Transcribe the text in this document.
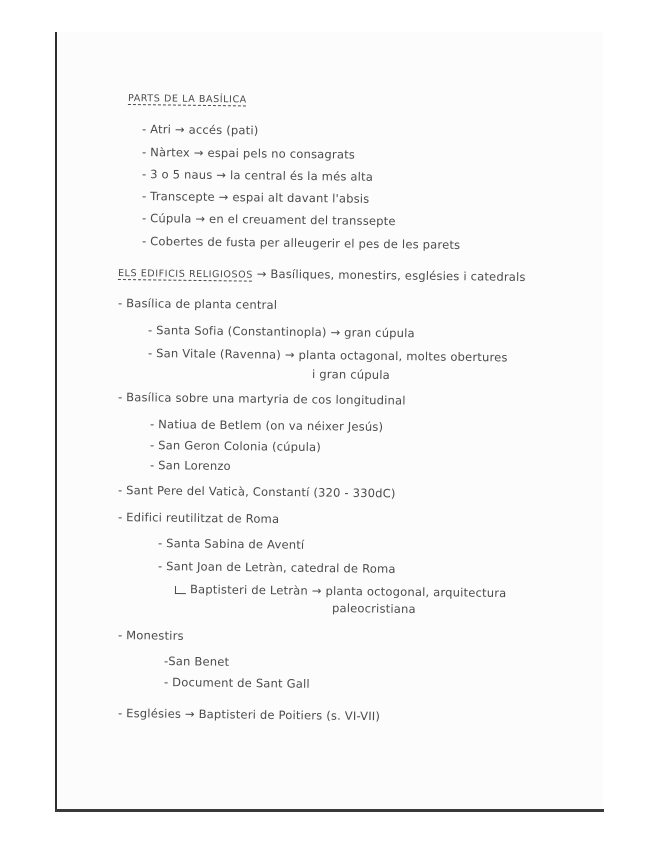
PARTS DE LA BASÍLICA
- Atri → accés (pati)
- Nàrtex → espai pels no consagrats
- 3 o 5 naus → la central és la més alta
- Transcepte → espai alt davant l'absis
- Cúpula → en el creuament del transsepte
- Cobertes de fusta per alleugerir el pes de les parets
ELS EDIFICIS RELIGIOSOS → Basíliques, monestirs, esglésies i catedrals
- Basílica de planta central
- Santa Sofia (Constantinopla) → gran cúpula
- San Vitale (Ravenna) → planta octagonal, moltes obertures
i gran cúpula
- Basílica sobre una martyria de cos longitudinal
- Natiua de Betlem (on va néixer Jesús)
- San Geron Colonia (cúpula)
- San Lorenzo
- Sant Pere del Vaticà, Constantí (320 - 330dC)
- Edifici reutilitzat de Roma
- Santa Sabina de Aventí
- Sant Joan de Letràn, catedral de Roma
Baptisteri de Letràn → planta octogonal, arquitectura
paleocristiana
- Monestirs
-San Benet
- Document de Sant Gall
- Esglésies → Baptisteri de Poitiers (s. VI-VII)
